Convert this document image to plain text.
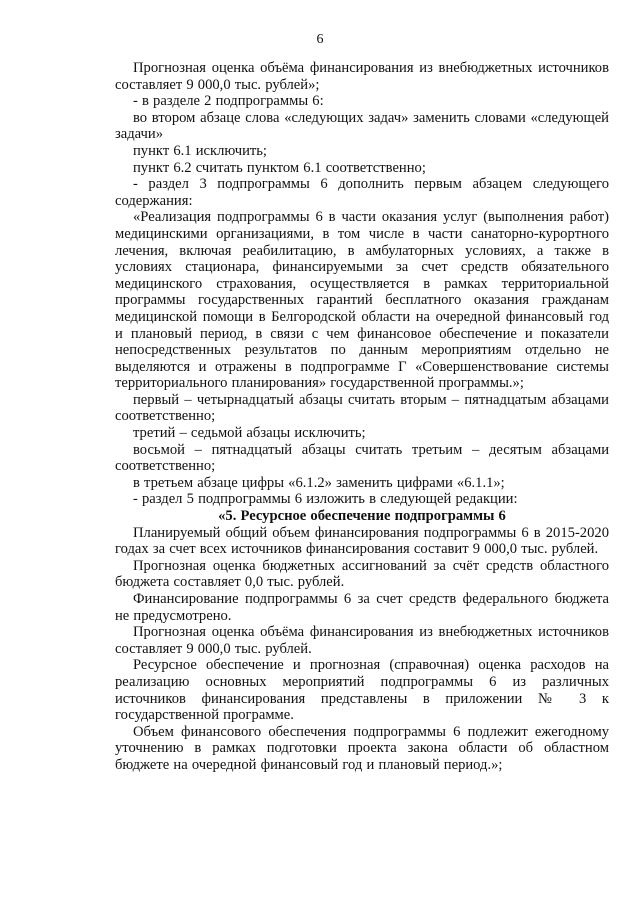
6

Прогнозная оценка объёма финансирования из внебюджетных источников составляет 9 000,0 тыс. рублей»;

- в разделе 2 подпрограммы 6:

во втором абзаце слова «следующих задач» заменить словами «следующей задачи»

пункт 6.1 исключить;

пункт 6.2 считать пунктом 6.1 соответственно;

- раздел 3 подпрограммы 6 дополнить первым абзацем следующего содержания:

«Реализация подпрограммы 6 в части оказания услуг (выполнения работ) медицинскими организациями, в том числе в части санаторно-курортного лечения, включая реабилитацию, в амбулаторных условиях, а также в условиях стационара, финансируемыми за счет средств обязательного медицинского страхования, осуществляется в рамках территориальной программы государственных гарантий бесплатного оказания гражданам медицинской помощи в Белгородской области на очередной финансовый год и плановый период, в связи с чем финансовое обеспечение и показатели непосредственных результатов по данным мероприятиям отдельно не выделяются и отражены в подпрограмме Г «Совершенствование системы территориального планирования» государственной программы.»;

первый – четырнадцатый абзацы считать вторым – пятнадцатым абзацами соответственно;

третий – седьмой абзацы исключить;

восьмой – пятнадцатый абзацы считать третьим – десятым абзацами соответственно;

в третьем абзаце цифры «6.1.2» заменить цифрами «6.1.1»;

- раздел 5 подпрограммы 6 изложить в следующей редакции:

«5. Ресурсное обеспечение подпрограммы 6

Планируемый общий объем финансирования подпрограммы 6 в 2015-2020 годах за счет всех источников финансирования составит 9 000,0 тыс. рублей.

Прогнозная оценка бюджетных ассигнований за счёт средств областного бюджета составляет 0,0 тыс. рублей.

Финансирование подпрограммы 6 за счет средств федерального бюджета не предусмотрено.

Прогнозная оценка объёма финансирования из внебюджетных источников составляет 9 000,0 тыс. рублей.

Ресурсное обеспечение и прогнозная (справочная) оценка расходов на реализацию основных мероприятий подпрограммы 6 из различных источников финансирования представлены в приложении № 3 к государственной программе.

Объем финансового обеспечения подпрограммы 6 подлежит ежегодному уточнению в рамках подготовки проекта закона области об областном бюджете на очередной финансовый год и плановый период.»;
